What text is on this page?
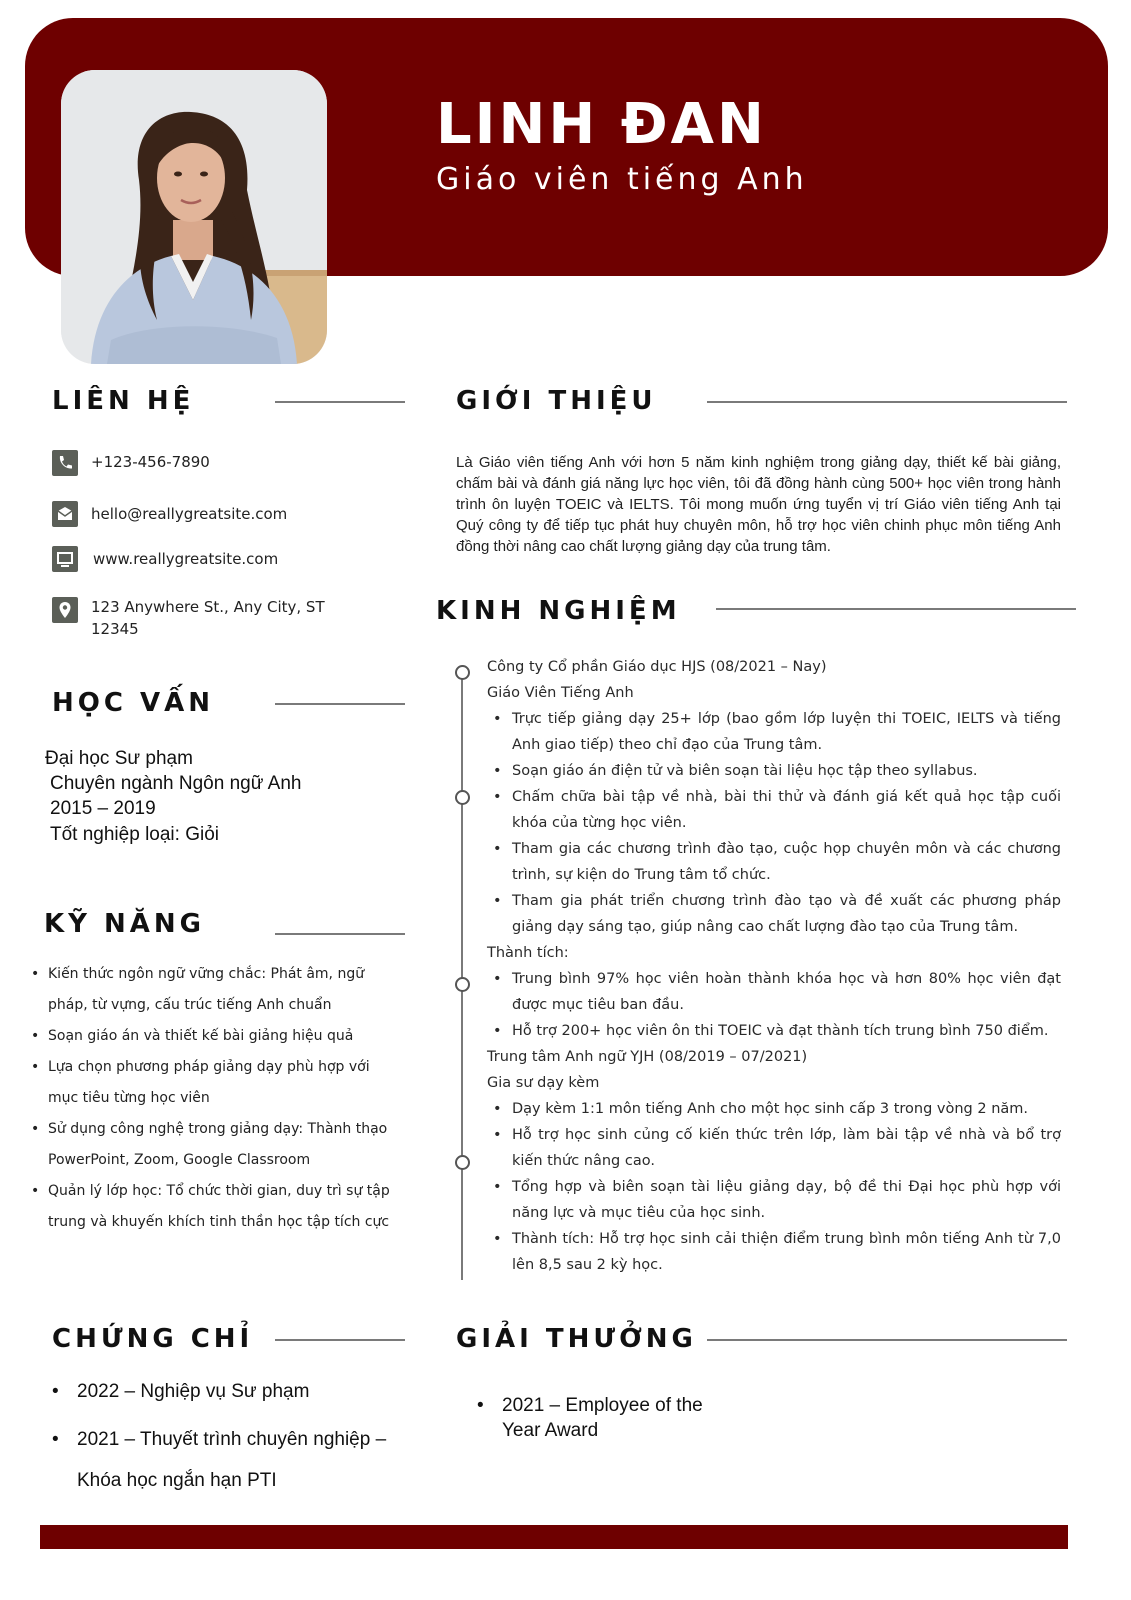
LINH ĐAN
Giáo viên tiếng Anh
LIÊN HỆ
+123-456-7890
hello@reallygreatsite.com
www.reallygreatsite.com
123 Anywhere St., Any City, ST
12345
HỌC VẤN
Đại học Sư phạm
Chuyên ngành Ngôn ngữ Anh
2015 – 2019
Tốt nghiệp loại: Giỏi
KỸ NĂNG
• Kiến thức ngôn ngữ vững chắc: Phát âm, ngữ pháp, từ vựng, cấu trúc tiếng Anh chuẩn
• Soạn giáo án và thiết kế bài giảng hiệu quả
• Lựa chọn phương pháp giảng dạy phù hợp với mục tiêu từng học viên
• Sử dụng công nghệ trong giảng dạy: Thành thạo PowerPoint, Zoom, Google Classroom
• Quản lý lớp học: Tổ chức thời gian, duy trì sự tập trung và khuyến khích tinh thần học tập tích cực
CHỨNG CHỈ
• 2022 – Nghiệp vụ Sư phạm
• 2021 – Thuyết trình chuyên nghiệp – Khóa học ngắn hạn PTI
GIỚI THIỆU
Là Giáo viên tiếng Anh với hơn 5 năm kinh nghiệm trong giảng dạy, thiết kế bài giảng, chấm bài và đánh giá năng lực học viên, tôi đã đồng hành cùng 500+ học viên trong hành trình ôn luyện TOEIC và IELTS. Tôi mong muốn ứng tuyển vị trí Giáo viên tiếng Anh tại Quý công ty để tiếp tục phát huy chuyên môn, hỗ trợ học viên chinh phục môn tiếng Anh đồng thời nâng cao chất lượng giảng dạy của trung tâm.
KINH NGHIỆM
Công ty Cổ phần Giáo dục HJS (08/2021 – Nay)
Giáo Viên Tiếng Anh
• Trực tiếp giảng dạy 25+ lớp (bao gồm lớp luyện thi TOEIC, IELTS và tiếng Anh giao tiếp) theo chỉ đạo của Trung tâm.
• Soạn giáo án điện tử và biên soạn tài liệu học tập theo syllabus.
• Chấm chữa bài tập về nhà, bài thi thử và đánh giá kết quả học tập cuối khóa của từng học viên.
• Tham gia các chương trình đào tạo, cuộc họp chuyên môn và các chương trình, sự kiện do Trung tâm tổ chức.
• Tham gia phát triển chương trình đào tạo và đề xuất các phương pháp giảng dạy sáng tạo, giúp nâng cao chất lượng đào tạo của Trung tâm.
Thành tích:
• Trung bình 97% học viên hoàn thành khóa học và hơn 80% học viên đạt được mục tiêu ban đầu.
• Hỗ trợ 200+ học viên ôn thi TOEIC và đạt thành tích trung bình 750 điểm.
Trung tâm Anh ngữ YJH (08/2019 – 07/2021)
Gia sư dạy kèm
• Dạy kèm 1:1 môn tiếng Anh cho một học sinh cấp 3 trong vòng 2 năm.
• Hỗ trợ học sinh củng cố kiến thức trên lớp, làm bài tập về nhà và bổ trợ kiến thức nâng cao.
• Tổng hợp và biên soạn tài liệu giảng dạy, bộ đề thi Đại học phù hợp với năng lực và mục tiêu của học sinh.
• Thành tích: Hỗ trợ học sinh cải thiện điểm trung bình môn tiếng Anh từ 7,0 lên 8,5 sau 2 kỳ học.
GIẢI THƯỞNG
• 2021 – Employee of the Year Award
